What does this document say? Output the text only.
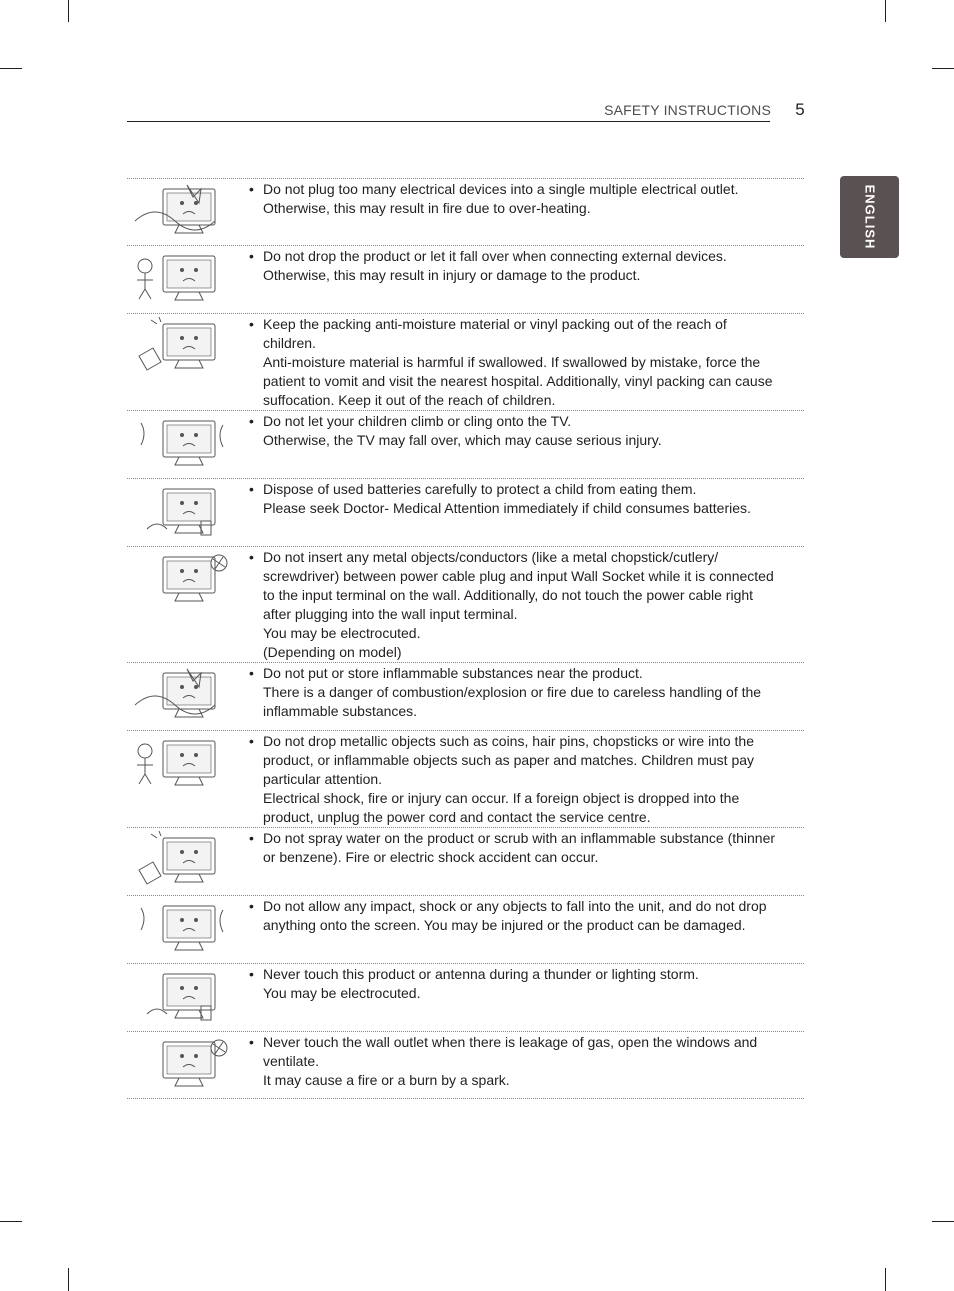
SAFETY INSTRUCTIONS	5
ENGLISH
• Do not plug too many electrical devices into a single multiple electrical outlet.
Otherwise, this may result in fire due to over-heating.
• Do not drop the product or let it fall over when connecting external devices.
Otherwise, this may result in injury or damage to the product.
• Keep the packing anti-moisture material or vinyl packing out of the reach of
children.
Anti-moisture material is harmful if swallowed. If swallowed by mistake, force the
patient to vomit and visit the nearest hospital. Additionally, vinyl packing can cause
suffocation. Keep it out of the reach of children.
• Do not let your children climb or cling onto the TV.
Otherwise, the TV may fall over, which may cause serious injury.
• Dispose of used batteries carefully to protect a child from eating them.
Please seek Doctor- Medical Attention immediately if child consumes batteries.
• Do not insert any metal objects/conductors (like a metal chopstick/cutlery/
screwdriver) between power cable plug and input Wall Socket while it is connected
to the input terminal on the wall. Additionally, do not touch the power cable right
after plugging into the wall input terminal.
You may be electrocuted.
(Depending on model)
• Do not put or store inflammable substances near the product.
There is a danger of combustion/explosion or fire due to careless handling of the
inflammable substances.
• Do not drop metallic objects such as coins, hair pins, chopsticks or wire into the
product, or inflammable objects such as paper and matches. Children must pay
particular attention.
Electrical shock, fire or injury can occur. If a foreign object is dropped into the
product, unplug the power cord and contact the service centre.
• Do not spray water on the product or scrub with an inflammable substance (thinner
or benzene). Fire or electric shock accident can occur.
• Do not allow any impact, shock or any objects to fall into the unit, and do not drop
anything onto the screen. You may be injured or the product can be damaged.
• Never touch this product or antenna during a thunder or lighting storm.
You may be electrocuted.
• Never touch the wall outlet when there is leakage of gas, open the windows and
ventilate.
It may cause a fire or a burn by a spark.
